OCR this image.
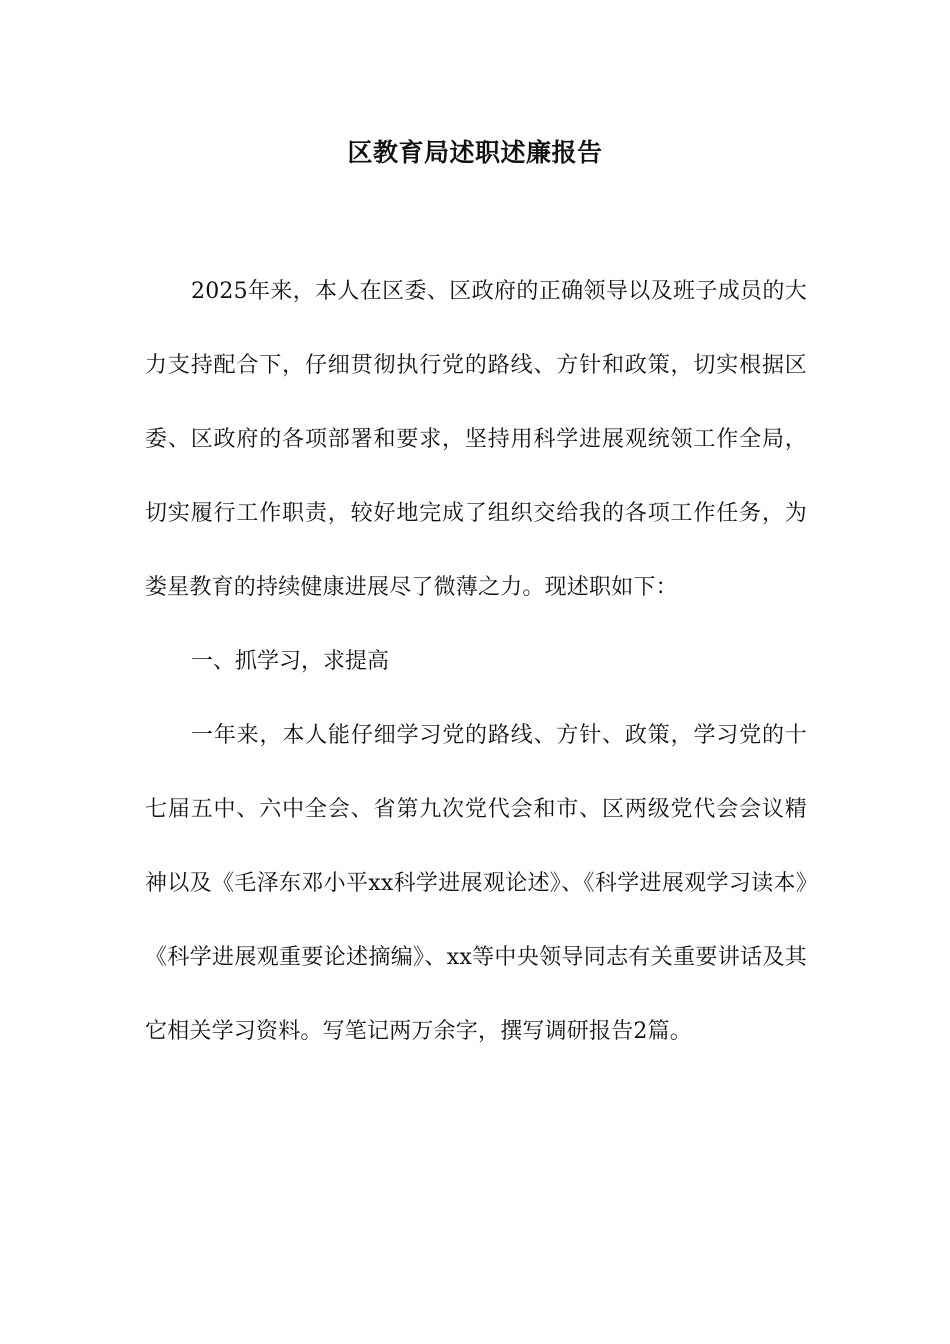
区教育局述职述廉报告

2025年来，本人在区委、区政府的正确领导以及班子成员的大力支持配合下，仔细贯彻执行党的路线、方针和政策，切实根据区委、区政府的各项部署和要求，坚持用科学进展观统领工作全局，切实履行工作职责，较好地完成了组织交给我的各项工作任务，为娄星教育的持续健康进展尽了微薄之力。现述职如下：

一、抓学习，求提高

一年来，本人能仔细学习党的路线、方针、政策，学习党的十七届五中、六中全会、省第九次党代会和市、区两级党代会会议精神以及《毛泽东邓小平xx科学进展观论述》、《科学进展观学习读本》《科学进展观重要论述摘编》、xx等中央领导同志有关重要讲话及其它相关学习资料。写笔记两万余字，撰写调研报告2篇。
